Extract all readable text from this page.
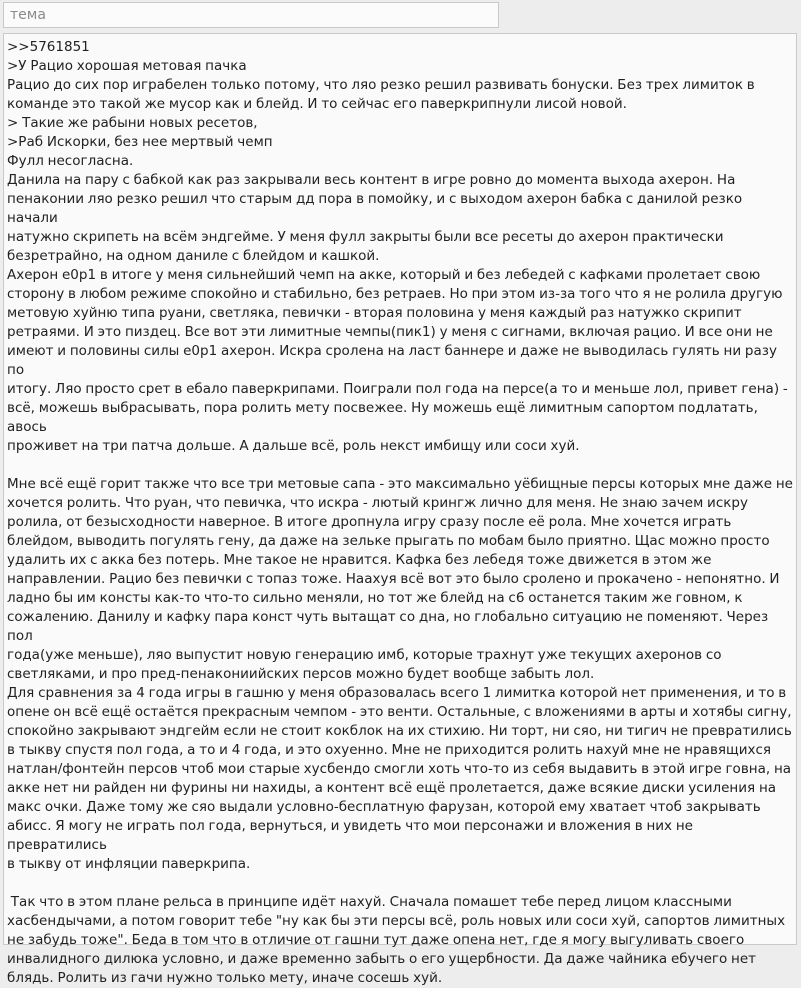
тема
>>5761851
>У Рацио хорошая метовая пачка
Рацио до сих пор играбелен только потому, что ляо резко решил развивать бонуски. Без трех лимиток в
команде это такой же мусор как и блейд. И то сейчас его паверкрипнули лисой новой.
> Такие же рабыни новых ресетов,
>Раб Искорки, без нее мертвый чемп
Фулл несогласна.
Данила на пару с бабкой как раз закрывали весь контент в игре ровно до момента выхода ахерон. На
пенаконии ляо резко решил что старым дд пора в помойку, и с выходом ахерон бабка с данилой резко начали
натужно скрипеть на всём эндгейме. У меня фулл закрыты были все ресеты до ахерон практически
безретрайно, на одном даниле с блейдом и кашкой.
Ахерон е0р1 в итоге у меня сильнейший чемп на акке, который и без лебедей с кафками пролетает свою
сторону в любом режиме спокойно и стабильно, без ретраев. Но при этом из-за того что я не ролила другую
метовую хуйню типа руани, светляка, певички - вторая половина у меня каждый раз натужко скрипит
ретраями. И это пиздец. Все вот эти лимитные чемпы(пик1) у меня с сигнами, включая рацио. И все они не
имеют и половины силы е0р1 ахерон. Искра сролена на ласт баннере и даже не выводилась гулять ни разу по
итогу. Ляо просто срет в ебало паверкрипами. Поиграли пол года на персе(а то и меньше лол, привет гена) -
всё, можешь выбрасывать, пора ролить мету посвежее. Ну можешь ещё лимитным сапортом подлатать, авось
проживет на три патча дольше. А дальше всё, роль некст имбищу или соси хуй.

Мне всё ещё горит также что все три метовые сапа - это максимально уёбищные персы которых мне даже не
хочется ролить. Что руан, что певичка, что искра - лютый крингж лично для меня. Не знаю зачем искру
ролила, от безысходности наверное. В итоге дропнула игру сразу после её рола. Мне хочется играть
блейдом, выводить погулять гену, да даже на зельке прыгать по мобам было приятно. Щас можно просто
удалить их с акка без потерь. Мне такое не нравится. Кафка без лебедя тоже движется в этом же
направлении. Рацио без певички с топаз тоже. Haахуя всё вот это было сролено и прокачено - непонятно. И
ладно бы им консты как-то что-то сильно меняли, но тот же блейд на с6 останется таким же говном, к
сожалению. Данилу и кафку пара конст чуть вытащат со дна, но глобально ситуацию не поменяют. Через пол
года(уже меньше), ляо выпустит новую генерацию имб, которые трахнут уже текущих ахеронов со
светляками, и про пред-пенакониийских персов можно будет вообще забыть лол.
Для сравнения за 4 года игры в гашню у меня образовалась всего 1 лимитка которой нет применения, и то в
опене он всё ещё остаётся прекрасным чемпом - это венти. Остальные, с вложениями в арты и хотябы сигну,
спокойно закрывают эндгейм если не стоит кокблок на их стихию. Ни торт, ни сяо, ни тигич не превратились
в тыкву спустя пол года, а то и 4 года, и это охуенно. Мне не приходится ролить нахуй мне не нравящихся
натлан/фонтейн персов чтоб мои старые хусбендо смогли хоть что-то из себя выдавить в этой игре говна, на
акке нет ни райден ни фурины ни нахиды, а контент всё ещё пролетается, даже всякие диски усиления на
макс очки. Даже тому же сяо выдали условно-бесплатную фарузан, которой ему хватает чтоб закрывать
абисс. Я могу не играть пол года, вернуться, и увидеть что мои персонажи и вложения в них не превратились
в тыкву от инфляции паверкрипа.

Так что в этом плане рельса в принципе идёт нахуй. Сначала помашет тебе перед лицом классными
хасбендычами, а потом говорит тебе "ну как бы эти персы всё, роль новых или соси хуй, сапортов лимитных
не забудь тоже". Беда в том что в отличие от гашни тут даже опена нет, где я могу выгуливать своего
инвалидного дилюка условно, и даже временно забыть о его ущербности. Да даже чайника ебучего нет
блядь. Ролить из гачи нужно только мету, иначе сосешь хуй.
